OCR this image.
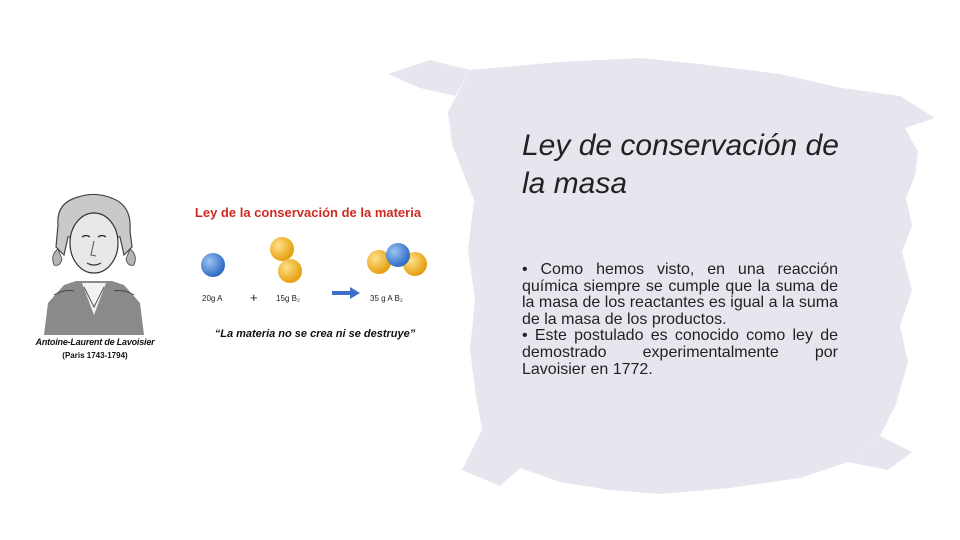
Antoine-Laurent de Lavoisier
(Paris 1743-1794)
Ley de la conservación de la materia
20g A + 15g B₂	35 g A B₂
“La materia no se crea ni se destruye”
Ley de conservación de la masa
• Como hemos visto, en una reacción química siempre se cumple que la suma de la masa de los reactantes es igual a la suma de la masa de los productos.
• Este postulado es conocido como ley de demostrado experimentalmente por Lavoisier en 1772.
